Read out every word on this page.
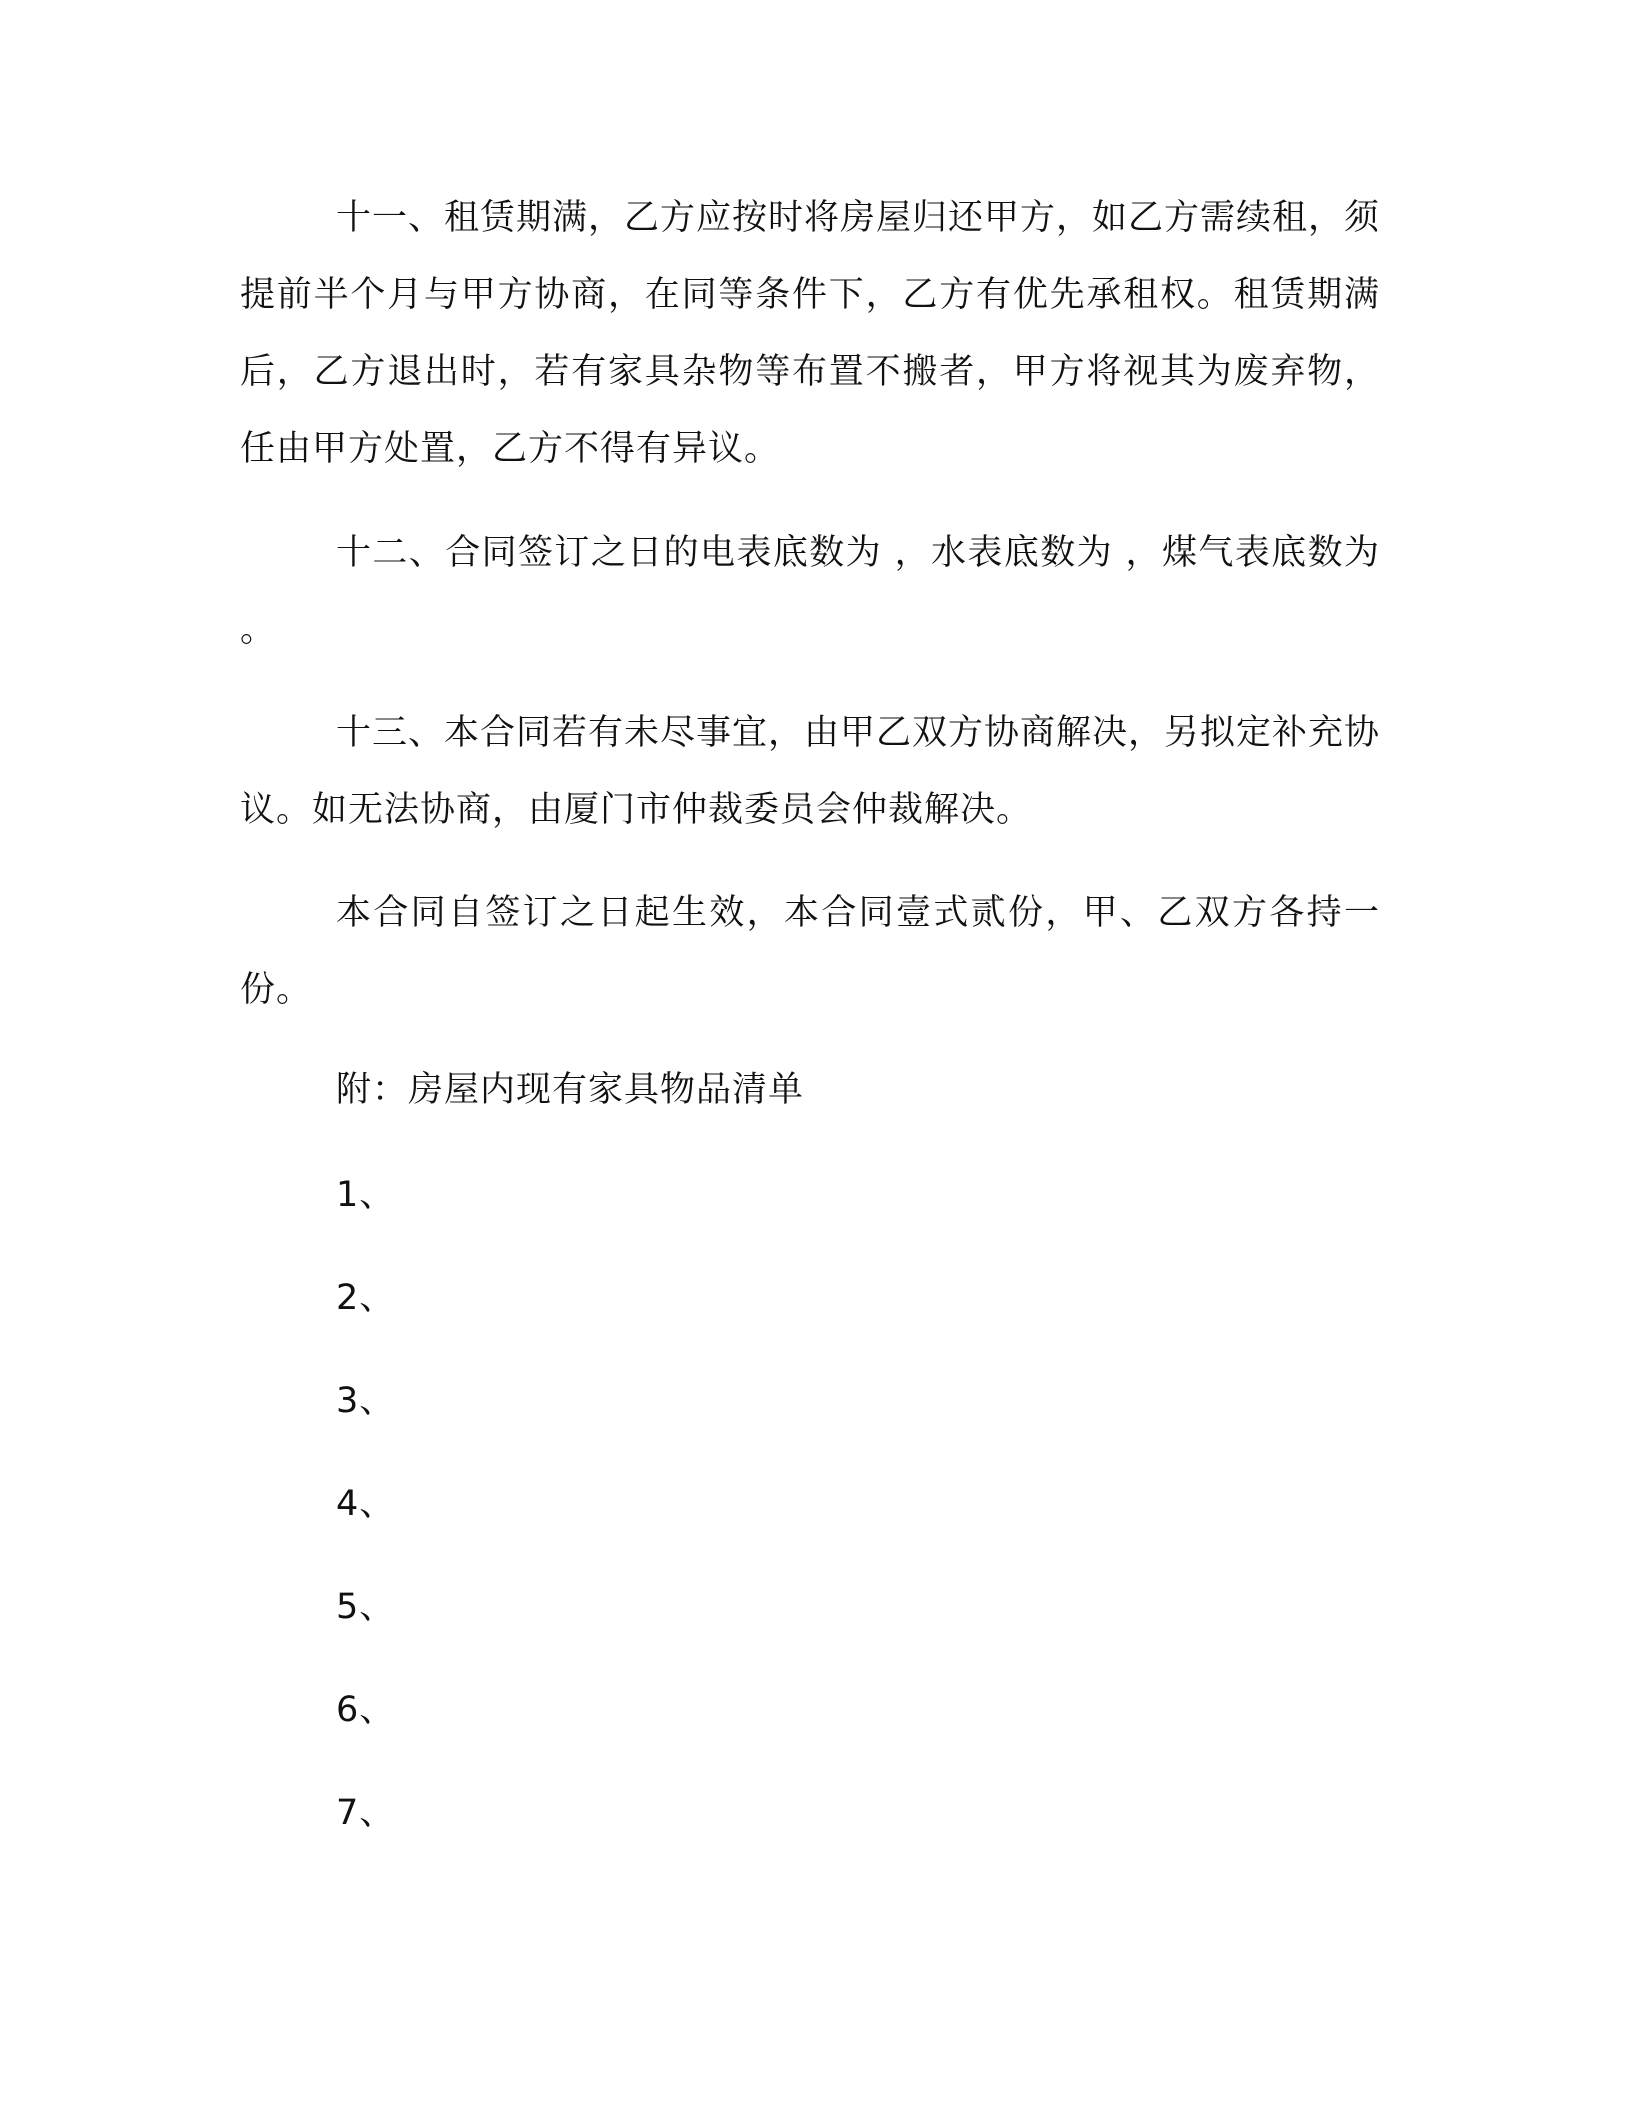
十一、租赁期满，乙方应按时将房屋归还甲方，如乙方需续租，须提前半个月与甲方协商，在同等条件下，乙方有优先承租权。租赁期满后，乙方退出时，若有家具杂物等布置不搬者，甲方将视其为废弃物，任由甲方处置，乙方不得有异议。

十二、合同签订之日的电表底数为 ，水表底数为 ，煤气表底数为 。

十三、本合同若有未尽事宜，由甲乙双方协商解决，另拟定补充协议。如无法协商，由厦门市仲裁委员会仲裁解决。

本合同自签订之日起生效，本合同壹式贰份，甲、乙双方各持一份。

附：房屋内现有家具物品清单

1、
2、
3、
4、
5、
6、
7、
